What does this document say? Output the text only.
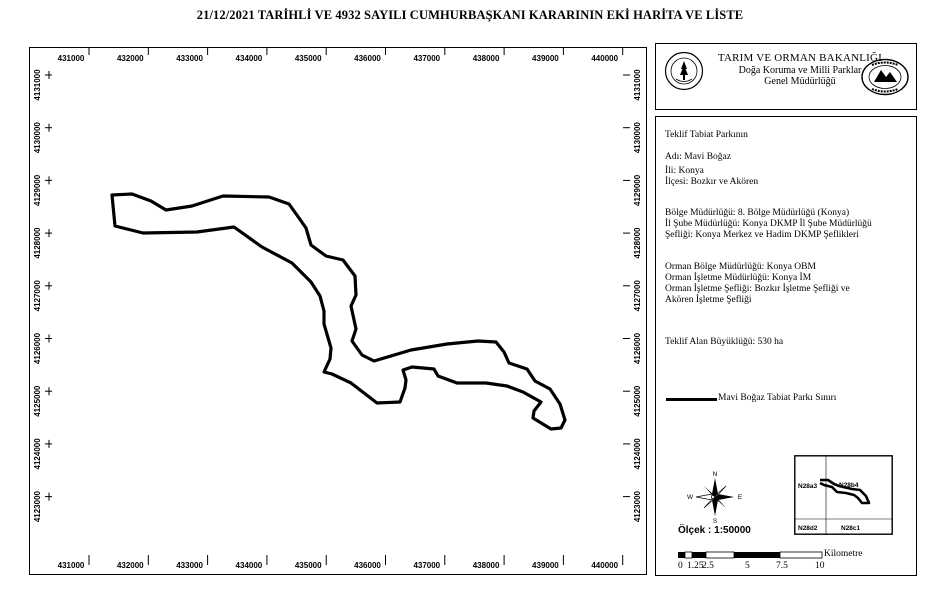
21/12/2021 TARİHLİ VE 4932 SAYILI CUMHURBAŞKANI KARARININ EKİ HARİTA VE LİSTE
431000
431000
432000
432000
433000
433000
434000
434000
435000
435000
436000
436000
437000
437000
438000
438000
439000
439000
440000
440000
4131000	4131000
4130000	4130000
4129000	4129000
4128000	4128000
4127000	4127000
4126000	4126000
4125000	4125000
4124000	4124000
4123000	4123000
TARIM VE ORMAN BAKANLIĞI
Doğa Koruma ve Milli Parklar
Genel Müdürlüğü
Teklif Tabiat Parkının
Adı: Mavi Boğaz
İli: Konya
İlçesi: Bozkır ve Akören
Bölge Müdürlüğü: 8. Bölge Müdürlüğü (Konya)
İl Şube Müdürlüğü: Konya DKMP İl Şube Müdürlüğü
Şefliği: Konya Merkez ve Hadim DKMP Şeflikleri
Orman Bölge Müdürlüğü: Konya OBM
Orman İşletme Müdürlüğü: Konya İM
Orman İşletme Şefliği: Bozkır İşletme Şefliği ve
Akören İşletme Şefliği
Teklif Alan Büyüklüğü: 530 ha
Mavi Boğaz Tabiat Parkı Sınırı
N
S
W	E
Ölçek : 1:50000
N28a3	N28b4
N28d2	N28c1
0 1.25
2.5	5	7.5	10
Kilometre
